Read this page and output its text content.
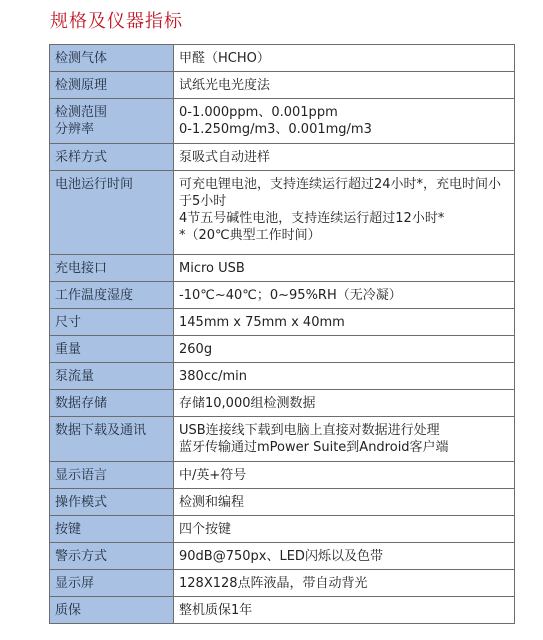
规格及仪器指标
检测气体	甲醛（HCHO）
检测原理	试纸光电光度法
检测范围
分辨率	0-1.000ppm、0.001ppm
0-1.250mg/m3、0.001mg/m3
采样方式	泵吸式自动进样
电池运行时间	可充电锂电池，支持连续运行超过24小时*，充电时间小于5小时
4节五号碱性电池，支持连续运行超过12小时*
*（20℃典型工作时间）
充电接口	Micro USB
工作温度湿度	-10℃~40℃；0~95%RH（无冷凝）
尺寸	145mm x 75mm x 40mm
重量	260g
泵流量	380cc/min
数据存储	存储10,000组检测数据
数据下载及通讯	USB连接线下载到电脑上直接对数据进行处理
蓝牙传输通过mPower Suite到Android客户端
显示语言	中/英+符号
操作模式	检测和编程
按键	四个按键
警示方式	90dB@750px、LED闪烁以及色带
显示屏	128X128点阵液晶，带自动背光
质保	整机质保1年
